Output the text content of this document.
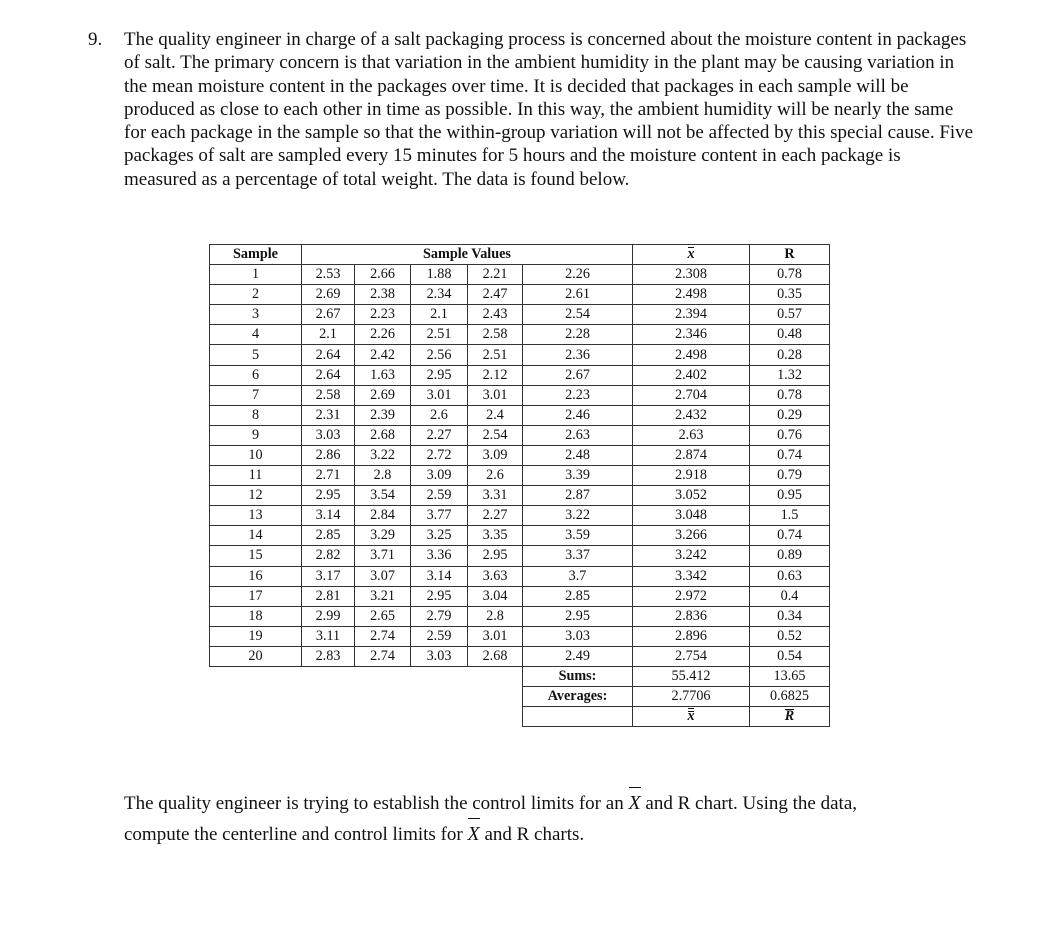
9. The quality engineer in charge of a salt packaging process is concerned about the moisture content in packages of salt. The primary concern is that variation in the ambient humidity in the plant may be causing variation in the mean moisture content in the packages over time. It is decided that packages in each sample will be produced as close to each other in time as possible. In this way, the ambient humidity will be nearly the same for each package in the sample so that the within-group variation will not be affected by this special cause. Five packages of salt are sampled every 15 minutes for 5 hours and the moisture content in each package is measured as a percentage of total weight. The data is found below.
Sample	Sample Values					x	R
1	2.53	2.66	1.88	2.21	2.26	2.308	0.78
2	2.69	2.38	2.34	2.47	2.61	2.498	0.35
3	2.67	2.23	2.1	2.43	2.54	2.394	0.57
4	2.1	2.26	2.51	2.58	2.28	2.346	0.48
5	2.64	2.42	2.56	2.51	2.36	2.498	0.28
6	2.64	1.63	2.95	2.12	2.67	2.402	1.32
7	2.58	2.69	3.01	3.01	2.23	2.704	0.78
8	2.31	2.39	2.6	2.4	2.46	2.432	0.29
9	3.03	2.68	2.27	2.54	2.63	2.63	0.76
10	2.86	3.22	2.72	3.09	2.48	2.874	0.74
11	2.71	2.8	3.09	2.6	3.39	2.918	0.79
12	2.95	3.54	2.59	3.31	2.87	3.052	0.95
13	3.14	2.84	3.77	2.27	3.22	3.048	1.5
14	2.85	3.29	3.25	3.35	3.59	3.266	0.74
15	2.82	3.71	3.36	2.95	3.37	3.242	0.89
16	3.17	3.07	3.14	3.63	3.7	3.342	0.63
17	2.81	3.21	2.95	3.04	2.85	2.972	0.4
18	2.99	2.65	2.79	2.8	2.95	2.836	0.34
19	3.11	2.74	2.59	3.01	3.03	2.896	0.52
20	2.83	2.74	3.03	2.68	2.49	2.754	0.54
					Sums:	55.412	13.65
					Averages:	2.7706	0.6825
						x	R
The quality engineer is trying to establish the control limits for an X and R chart. Using the data,
compute the centerline and control limits for X and R charts.
